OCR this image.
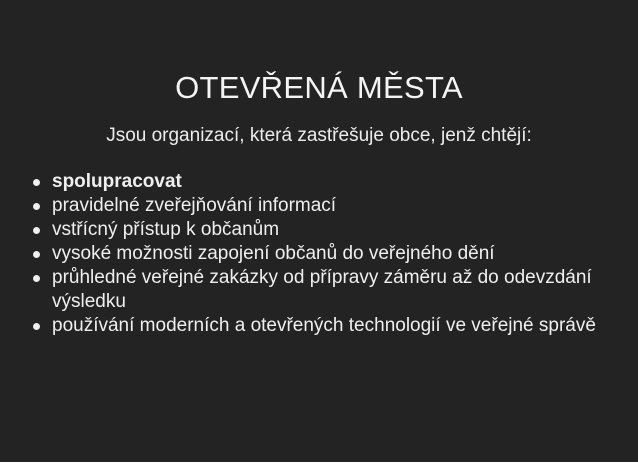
OTEVŘENÁ MĚSTA

Jsou organizací, která zastřešuje obce, jenž chtějí:

spolupracovat
pravidelné zveřejňování informací
vstřícný přístup k občanům
vysoké možnosti zapojení občanů do veřejného dění
průhledné veřejné zakázky od přípravy záměru až do odevzdání výsledku
používání moderních a otevřených technologií ve veřejné správě
